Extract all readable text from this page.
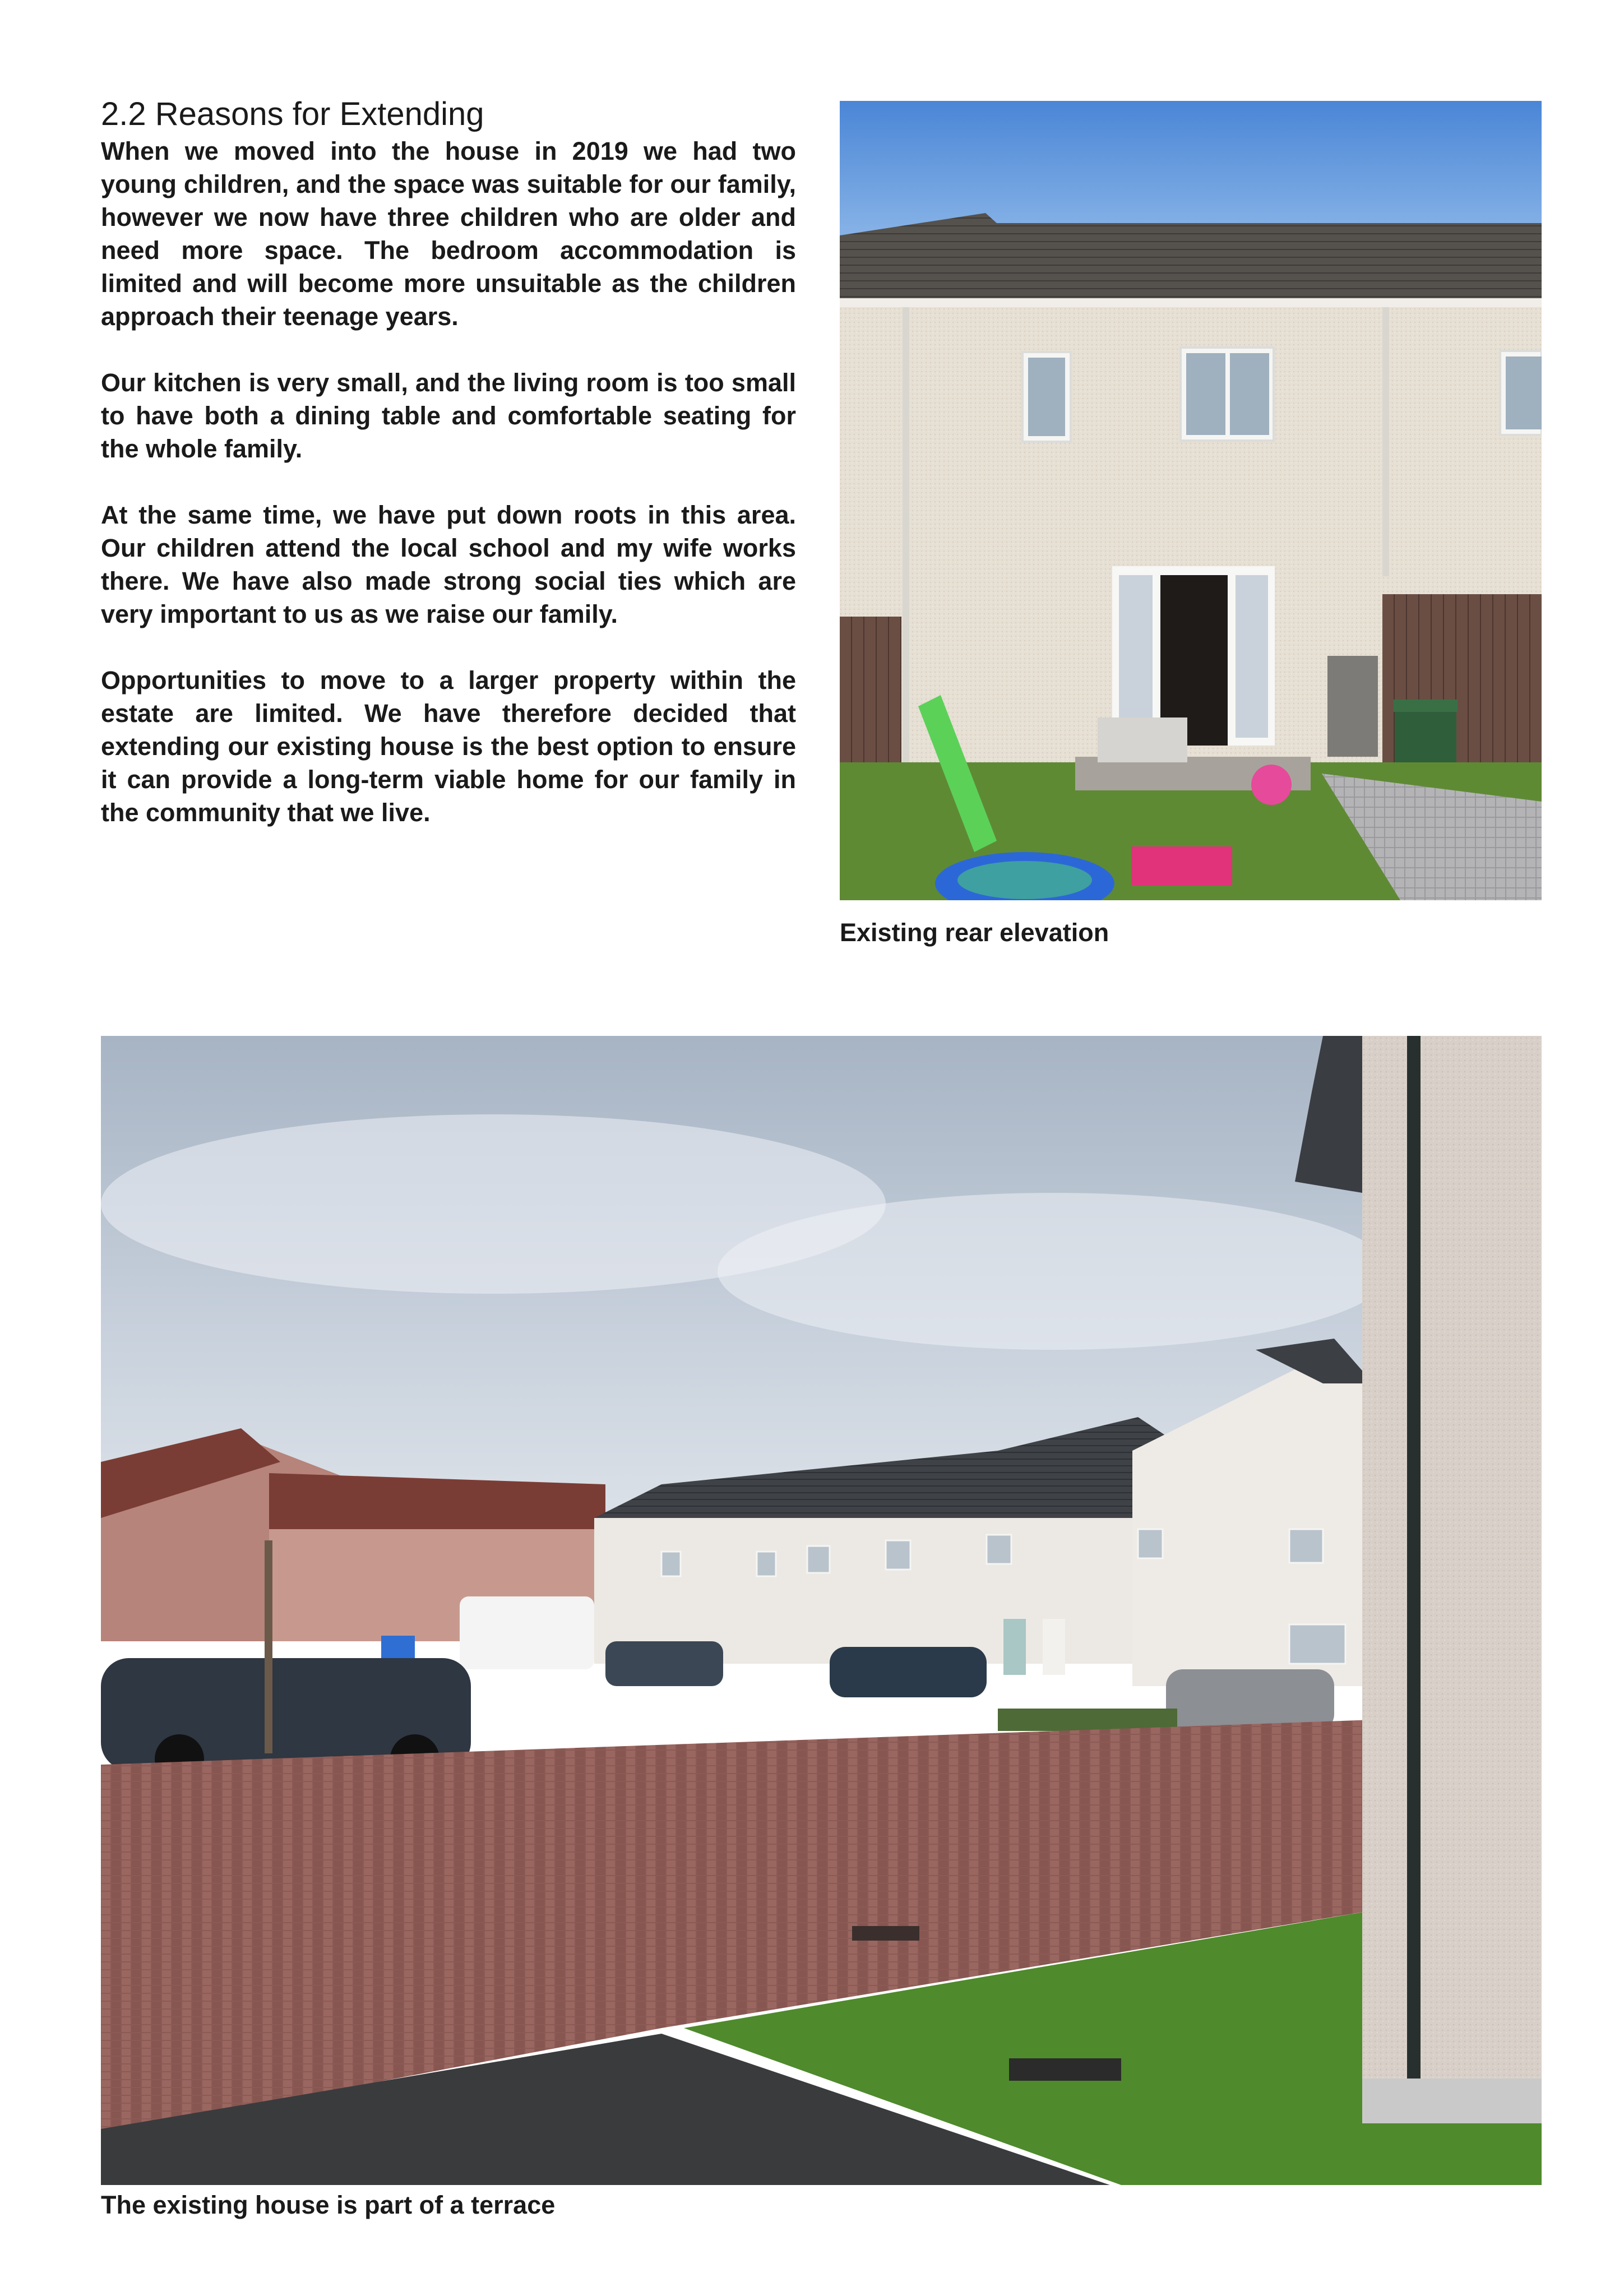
2.2 Reasons for Extending

When we moved into the house in 2019 we had two young children, and the space was suitable for our family, however we now have three children who are older and need more space. The bedroom accommodation is limited and will become more unsuitable as the children approach their teenage years.

Our kitchen is very small, and the living room is too small to have both a dining table and comfortable seating for the whole family.

At the same time, we have put down roots in this area. Our children attend the local school and my wife works there. We have also made strong social ties which are very important to us as we raise our family.

Opportunities to move to a larger property within the estate are limited. We have therefore decided that extending our existing house is the best option to ensure it can provide a long-term viable home for our family in the community that we live.

Existing rear elevation

The existing house is part of a terrace
